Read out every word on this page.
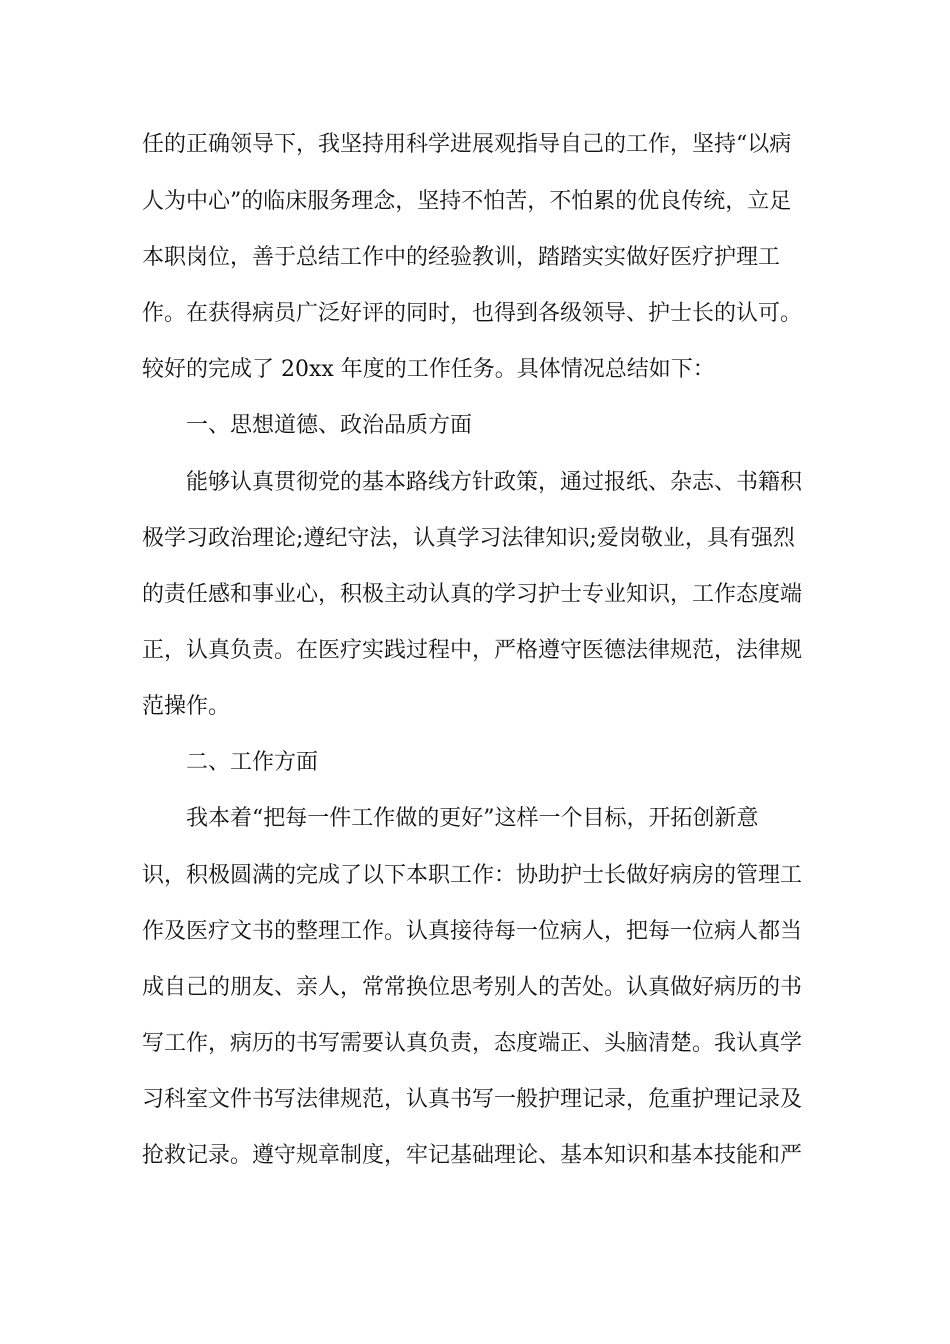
任的正确领导下，我坚持用科学进展观指导自己的工作，坚持“以病
人为中心”的临床服务理念，坚持不怕苦，不怕累的优良传统，立足
本职岗位，善于总结工作中的经验教训，踏踏实实做好医疗护理工
作。在获得病员广泛好评的同时，也得到各级领导、护士长的认可。
较好的完成了 20xx 年度的工作任务。具体情况总结如下：
一、思想道德、政治品质方面
能够认真贯彻党的基本路线方针政策，通过报纸、杂志、书籍积
极学习政治理论;遵纪守法，认真学习法律知识;爱岗敬业，具有强烈
的责任感和事业心，积极主动认真的学习护士专业知识，工作态度端
正，认真负责。在医疗实践过程中，严格遵守医德法律规范，法律规
范操作。
二、工作方面
我本着“把每一件工作做的更好”这样一个目标，开拓创新意
识，积极圆满的完成了以下本职工作：协助护士长做好病房的管理工
作及医疗文书的整理工作。认真接待每一位病人，把每一位病人都当
成自己的朋友、亲人，常常换位思考别人的苦处。认真做好病历的书
写工作，病历的书写需要认真负责，态度端正、头脑清楚。我认真学
习科室文件书写法律规范，认真书写一般护理记录，危重护理记录及
抢救记录。遵守规章制度，牢记基础理论、基本知识和基本技能和严
